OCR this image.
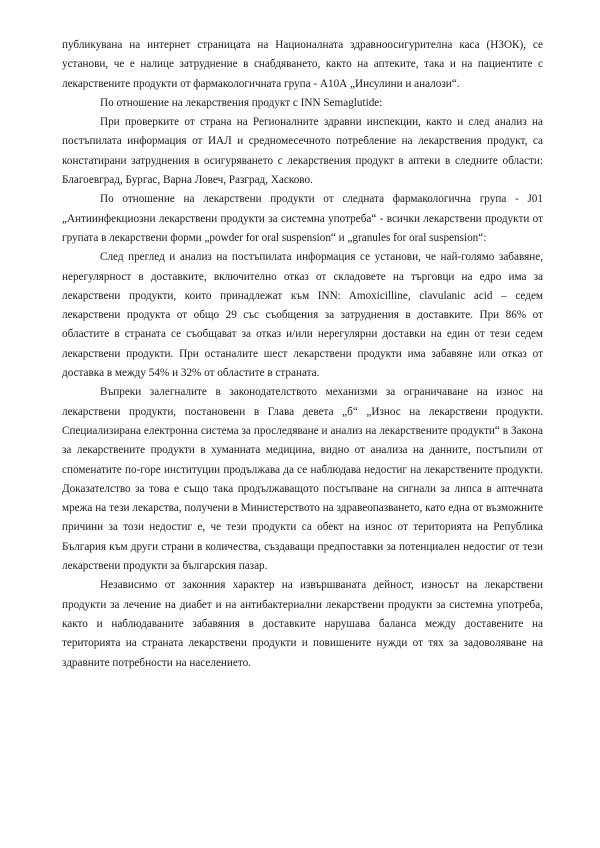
публикувана на интернет страницата на Националната здравноосигурителна каса (НЗОК), се установи, че е налице затруднение в снабдяването, както на аптеките, така и на пациентите с лекарствените продукти от фармакологичната група - А10А „Инсулини и аналози“.

По отношение на лекарствения продукт с INN Semaglutide:

При проверките от страна на Регионалните здравни инспекции, както и след анализ на постъпилата информация от ИАЛ и средномесечното потребление на лекарствения продукт, са констатирани затруднения в осигуряването с лекарствения продукт в аптеки в следните области: Благоевград, Бургас, Варна Ловеч, Разград, Хасково.

По отношение на лекарствени продукти от следната фармакологична група - J01 „Антиинфекциозни лекарствени продукти за системна употреба“ - всички лекарствени продукти от групата в лекарствени форми „powder for oral suspension“ и „granules for oral suspension“:

След преглед и анализ на постъпилата информация се установи, че най-голямо забавяне, нерегулярност в доставките, включително отказ от складовете на търговци на едро има за лекарствени продукти, които принадлежат към INN: Amoxicilline, clavulanic acid – седем лекарствени продукта от общо 29 със съобщения за затруднения в доставките. При 86% от областите в страната се съобщават за отказ и/или нерегулярни доставки на един от тези седем лекарствени продукти. При останалите шест лекарствени продукти има забавяне или отказ от доставка в между 54% и 32% от областите в страната.

Въпреки залегналите в законодателството механизми за ограничаване на износ на лекарствени продукти, постановени в Глава девета „б“ „Износ на лекарствени продукти. Специализирана електронна система за проследяване и анализ на лекарствените продукти“ в Закона за лекарствените продукти в хуманната медицина, видно от анализа на данните, постъпили от споменатите по-горе институции продължава да се наблюдава недостиг на лекарствените продукти. Доказателство за това е също така продължаващото постъпване на сигнали за липса в аптечната мрежа на тези лекарства, получени в Министерството на здравеопазването, като една от възможните причини за този недостиг е, че тези продукти са обект на износ от територията на Република България към други страни в количества, създаващи предпоставки за потенциален недостиг от тези лекарствени продукти за българския пазар.

Независимо от законния характер на извършваната дейност, износът на лекарствени продукти за лечение на диабет и на антибактериални лекарствени продукти за системна употреба, както и наблюдаваните забавяния в доставките нарушава баланса между доставените на територията на страната лекарствени продукти и повишените нужди от тях за задоволяване на здравните потребности на населението.
